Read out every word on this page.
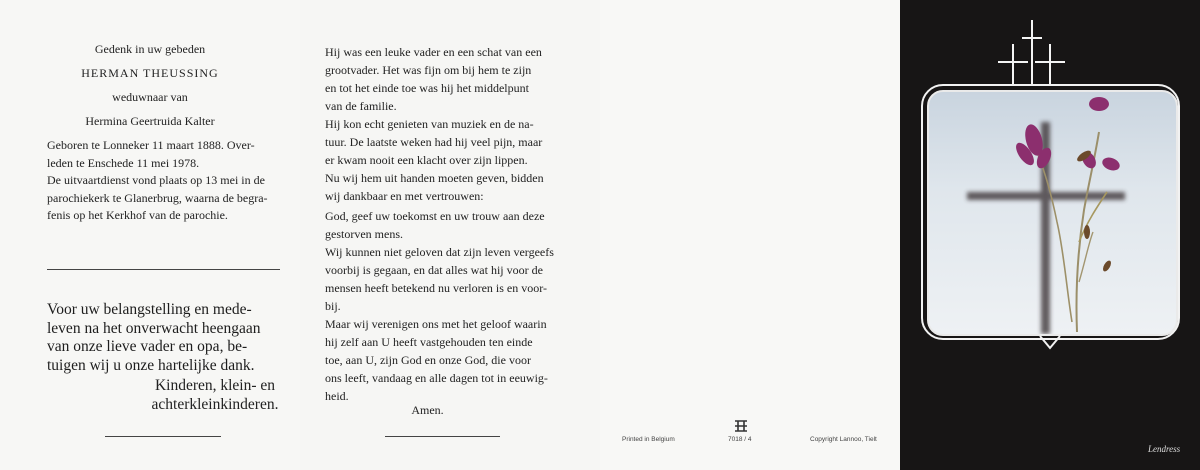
Gedenk in uw gebeden
HERMAN THEUSSING
weduwnaar van
Hermina Geertruida Kalter
Geboren te Lonneker 11 maart 1888. Over-
leden te Enschede 11 mei 1978.
De uitvaartdienst vond plaats op 13 mei in de
parochiekerk te Glanerbrug, waarna de begra-
fenis op het Kerkhof van de parochie.
Voor uw belangstelling en mede-
leven na het onverwacht heengaan
van onze lieve vader en opa, be-
tuigen wij u onze hartelijke dank.
Kinderen, klein- en
achterkleinkinderen.

Hij was een leuke vader en een schat van een

grootvader. Het was fijn om bij hem te zijn

en tot het einde toe was hij het middelpunt

van de familie.

Hij kon echt genieten van muziek en de na-

tuur. De laatste weken had hij veel pijn, maar

er kwam nooit een klacht over zijn lippen.

Nu wij hem uit handen moeten geven, bidden

wij dankbaar en met vertrouwen:

God, geef uw toekomst en uw trouw aan deze

gestorven mens.

Wij kunnen niet geloven dat zijn leven vergeefs

voorbij is gegaan, en dat alles wat hij voor de

mensen heeft betekend nu verloren is en voor-

bij.

Maar wij verenigen ons met het geloof waarin

hij zelf aan U heeft vastgehouden ten einde

toe, aan U, zijn God en onze God, die voor

ons leeft, vandaag en alle dagen tot in eeuwig-

heid.

Amen.
Printed in Belgium	7018 / 4	Copyright Lannoo, Tielt
Lendress
